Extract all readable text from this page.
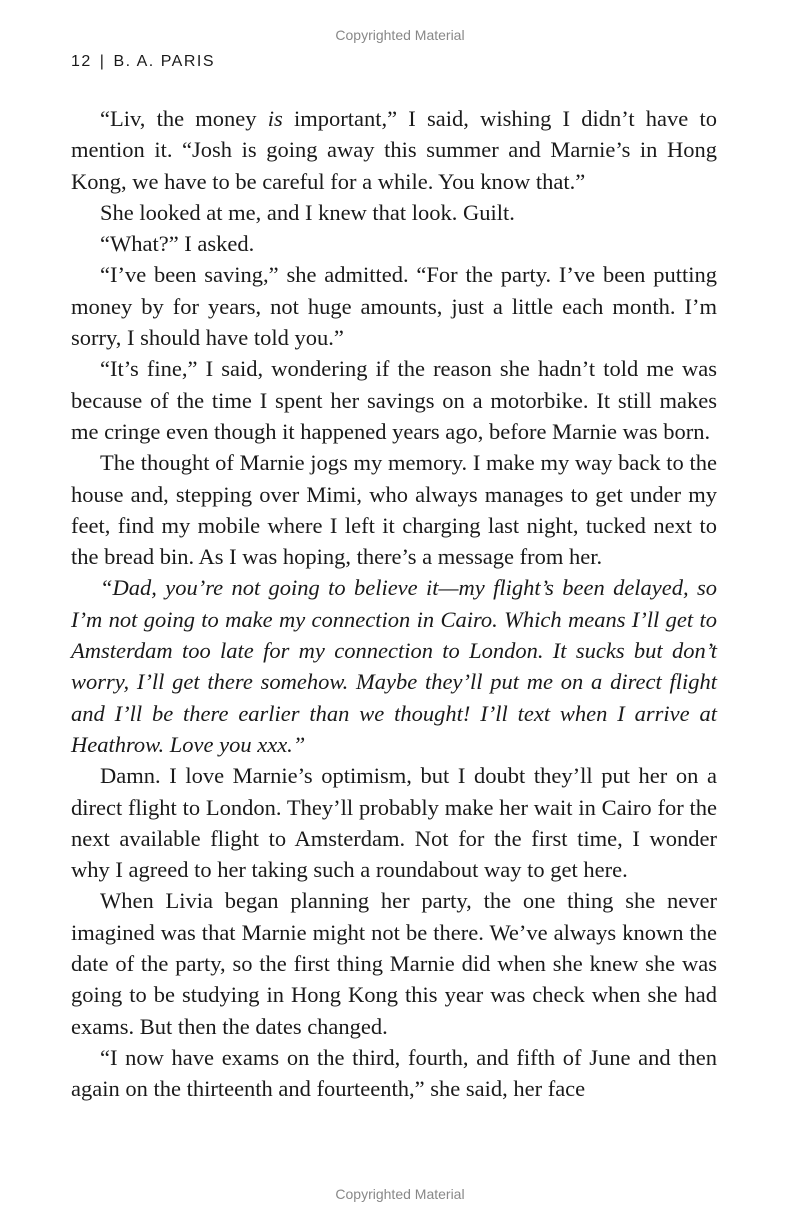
Copyrighted Material
12 | B. A. PARIS

“Liv, the money is important,” I said, wishing I didn’t have to mention it. “Josh is going away this summer and Marnie’s in Hong Kong, we have to be careful for a while. You know that.”

She looked at me, and I knew that look. Guilt.

“What?” I asked.

“I’ve been saving,” she admitted. “For the party. I’ve been putting money by for years, not huge amounts, just a little each month. I’m sorry, I should have told you.”

“It’s fine,” I said, wondering if the reason she hadn’t told me was because of the time I spent her savings on a motorbike. It still makes me cringe even though it happened years ago, before Marnie was born.

The thought of Marnie jogs my memory. I make my way back to the house and, stepping over Mimi, who always manages to get under my feet, find my mobile where I left it charging last night, tucked next to the bread bin. As I was hoping, there’s a message from her.

“Dad, you’re not going to believe it—my flight’s been delayed, so I’m not going to make my connection in Cairo. Which means I’ll get to Amsterdam too late for my connection to London. It sucks but don’t worry, I’ll get there somehow. Maybe they’ll put me on a direct flight and I’ll be there earlier than we thought! I’ll text when I arrive at Heathrow. Love you xxx.”

Damn. I love Marnie’s optimism, but I doubt they’ll put her on a direct flight to London. They’ll probably make her wait in Cairo for the next available flight to Amsterdam. Not for the first time, I wonder why I agreed to her taking such a roundabout way to get here.

When Livia began planning her party, the one thing she never imagined was that Marnie might not be there. We’ve always known the date of the party, so the first thing Marnie did when she knew she was going to be studying in Hong Kong this year was check when she had exams. But then the dates changed.

“I now have exams on the third, fourth, and fifth of June and then again on the thirteenth and fourteenth,” she said, her face

Copyrighted Material
